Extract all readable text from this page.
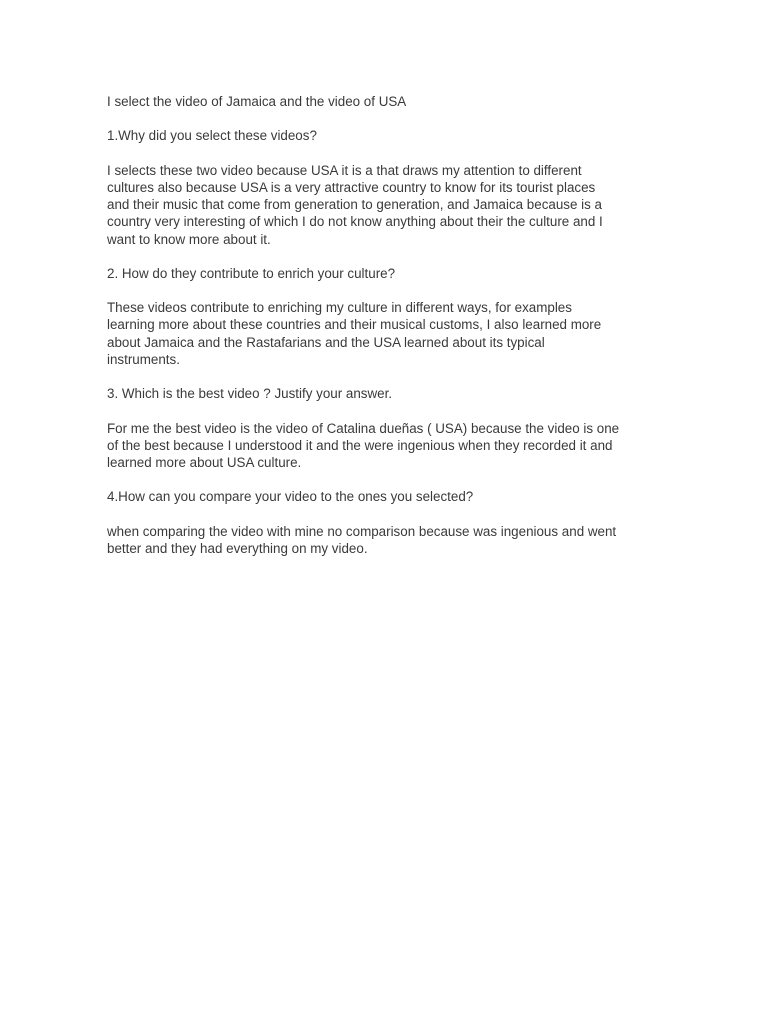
I select the video of Jamaica and the video of USA

1.Why did you select these videos?

I selects these two video because USA it is a that draws my attention to different
cultures also because USA is a very attractive country to know for its tourist places
and their music that come from generation to generation, and Jamaica because is a
country very interesting of which I do not know anything about their the culture and I
want to know more about it.

2. How do they contribute to enrich your culture?

These videos contribute to enriching my culture in different ways, for examples
learning more about these countries and their musical customs, I also learned more
about Jamaica and the Rastafarians and the USA learned about its typical
instruments.

3. Which is the best video ? Justify your answer.

For me the best video is the video of Catalina dueñas ( USA) because the video is one
of the best because I understood it and the were ingenious when they recorded it and
learned more about USA culture.

4.How can you compare your video to the ones you selected?

when comparing the video with mine no comparison because was ingenious and went
better and they had everything on my video.
